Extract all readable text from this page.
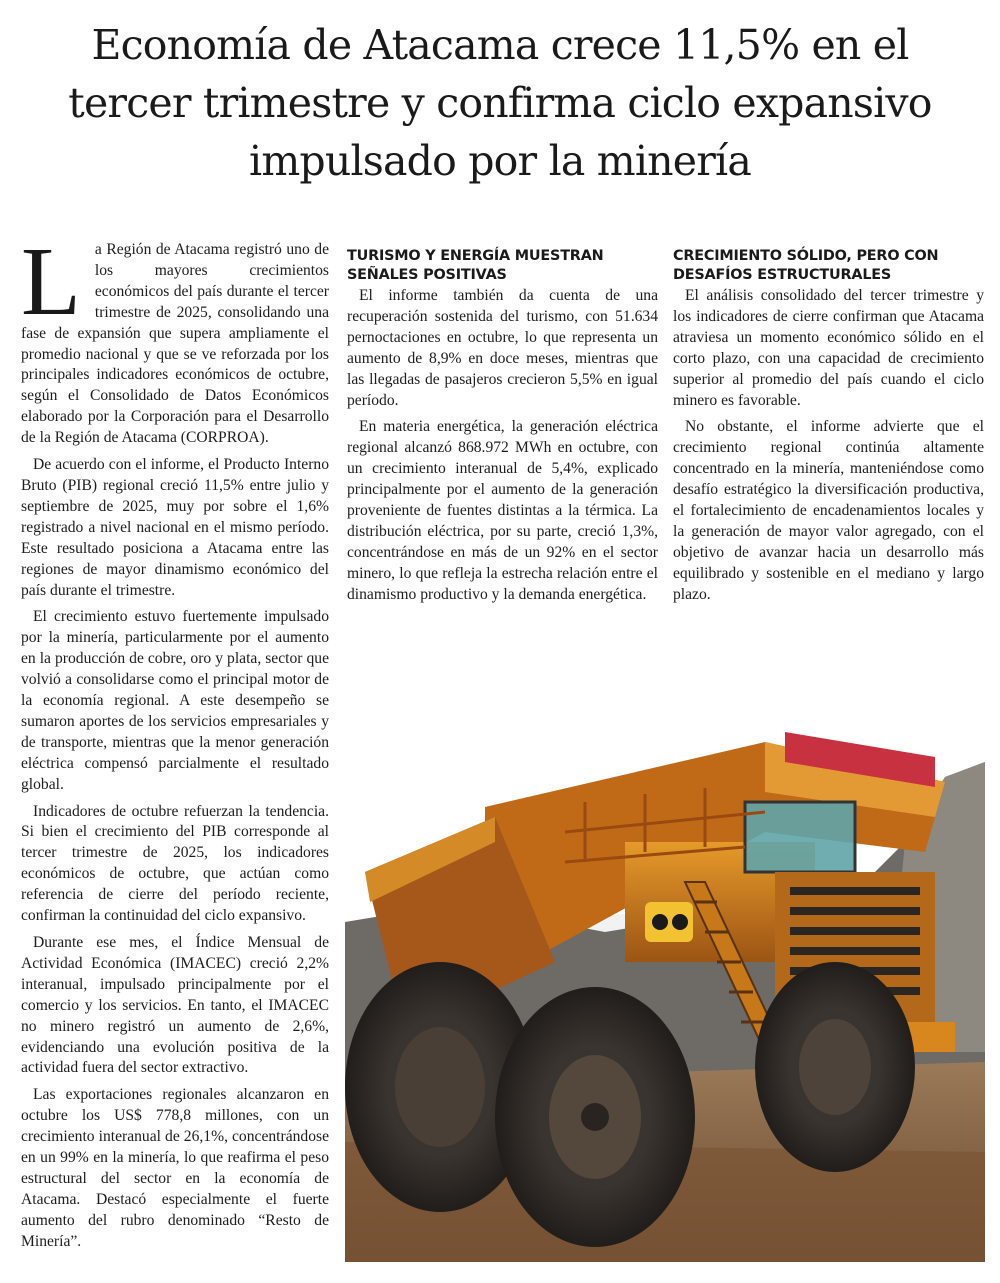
Economía de Atacama crece 11,5% en el tercer trimestre y confirma ciclo expansivo impulsado por la minería

La Región de Atacama registró uno de los mayores crecimientos económicos del país durante el tercer trimestre de 2025, consolidando una fase de expansión que supera ampliamente el promedio nacional y que se ve reforzada por los principales indicadores económicos de octubre, según el Consolidado de Datos Económicos elaborado por la Corporación para el Desarrollo de la Región de Atacama (CORPROA).

De acuerdo con el informe, el Producto Interno Bruto (PIB) regional creció 11,5% entre julio y septiembre de 2025, muy por sobre el 1,6% registrado a nivel nacional en el mismo período. Este resultado posiciona a Atacama entre las regiones de mayor dinamismo económico del país durante el trimestre.

El crecimiento estuvo fuertemente impulsado por la minería, particularmente por el aumento en la producción de cobre, oro y plata, sector que volvió a consolidarse como el principal motor de la economía regional. A este desempeño se sumaron aportes de los servicios empresariales y de transporte, mientras que la menor generación eléctrica compensó parcialmente el resultado global.

Indicadores de octubre refuerzan la tendencia. Si bien el crecimiento del PIB corresponde al tercer trimestre de 2025, los indicadores económicos de octubre, que actúan como referencia de cierre del período reciente, confirman la continuidad del ciclo expansivo.

Durante ese mes, el Índice Mensual de Actividad Económica (IMACEC) creció 2,2% interanual, impulsado principalmente por el comercio y los servicios. En tanto, el IMACEC no minero registró un aumento de 2,6%, evidenciando una evolución positiva de la actividad fuera del sector extractivo.

Las exportaciones regionales alcanzaron en octubre los US$ 778,8 millones, con un crecimiento interanual de 26,1%, concentrándose en un 99% en la minería, lo que reafirma el peso estructural del sector en la economía de Atacama. Destacó especialmente el fuerte aumento del rubro denominado “Resto de Minería”.

TURISMO Y ENERGÍA MUESTRAN SEÑALES POSITIVAS

El informe también da cuenta de una recuperación sostenida del turismo, con 51.634 pernoctaciones en octubre, lo que representa un aumento de 8,9% en doce meses, mientras que las llegadas de pasajeros crecieron 5,5% en igual período.

En materia energética, la generación eléctrica regional alcanzó 868.972 MWh en octubre, con un crecimiento interanual de 5,4%, explicado principalmente por el aumento de la generación proveniente de fuentes distintas a la térmica. La distribución eléctrica, por su parte, creció 1,3%, concentrándose en más de un 92% en el sector minero, lo que refleja la estrecha relación entre el dinamismo productivo y la demanda energética.

CRECIMIENTO SÓLIDO, PERO CON DESAFÍOS ESTRUCTURALES

El análisis consolidado del tercer trimestre y los indicadores de cierre confirman que Atacama atraviesa un momento económico sólido en el corto plazo, con una capacidad de crecimiento superior al promedio del país cuando el ciclo minero es favorable.

No obstante, el informe advierte que el crecimiento regional continúa altamente concentrado en la minería, manteniéndose como desafío estratégico la diversificación productiva, el fortalecimiento de encadenamientos locales y la generación de mayor valor agregado, con el objetivo de avanzar hacia un desarrollo más equilibrado y sostenible en el mediano y largo plazo.
